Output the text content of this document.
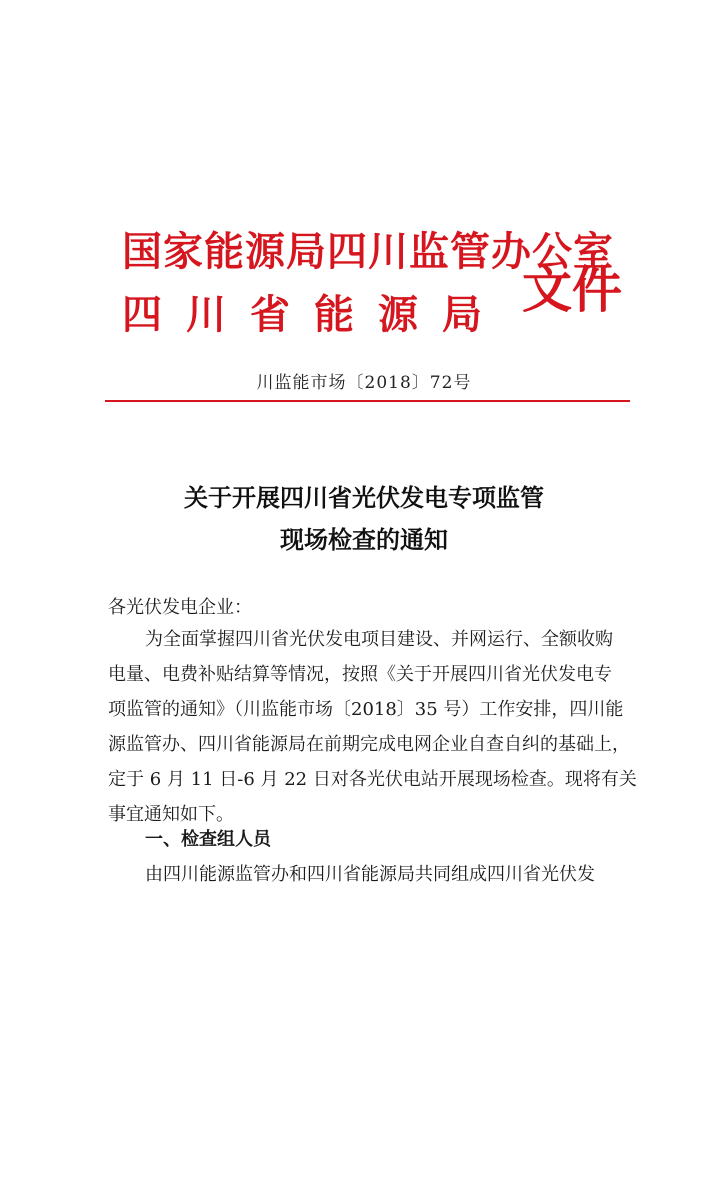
国家能源局四川监管办公室
四川省能源局 文件
川监能市场〔2018〕72号
关于开展四川省光伏发电专项监管
现场检查的通知
各光伏发电企业：
为全面掌握四川省光伏发电项目建设、并网运行、全额收购
电量、电费补贴结算等情况，按照《关于开展四川省光伏发电专
项监管的通知》（川监能市场〔2018〕35 号）工作安排，四川能
源监管办、四川省能源局在前期完成电网企业自查自纠的基础上，
定于 6 月 11 日-6 月 22 日对各光伏电站开展现场检查。现将有关
事宜通知如下。
一、检查组人员
由四川能源监管办和四川省能源局共同组成四川省光伏发
